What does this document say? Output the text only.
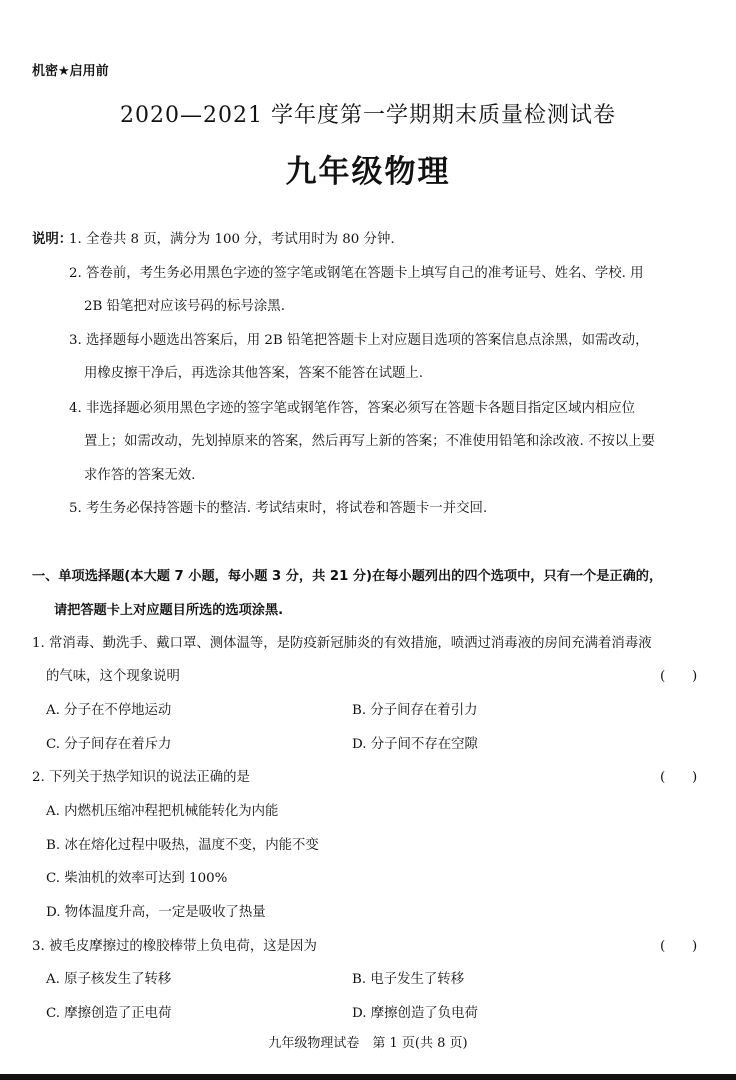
机密★启用前
2020—2021 学年度第一学期期末质量检测试卷
九年级物理
说明：
1. 全卷共 8 页，满分为 100 分，考试用时为 80 分钟.
2. 答卷前，考生务必用黑色字迹的签字笔或钢笔在答题卡上填写自己的准考证号、姓名、学校. 用
2B 铅笔把对应该号码的标号涂黑.
3. 选择题每小题选出答案后，用 2B 铅笔把答题卡上对应题目选项的答案信息点涂黑，如需改动，
用橡皮擦干净后，再选涂其他答案，答案不能答在试题上.
4. 非选择题必须用黑色字迹的签字笔或钢笔作答，答案必须写在答题卡各题目指定区域内相应位
置上；如需改动，先划掉原来的答案，然后再写上新的答案；不准使用铅笔和涂改液. 不按以上要
求作答的答案无效.
5. 考生务必保持答题卡的整洁. 考试结束时，将试卷和答题卡一并交回.
一、单项选择题(本大题 7 小题，每小题 3 分，共 21 分)在每小题列出的四个选项中，只有一个是正确的，
请把答题卡上对应题目所选的选项涂黑.
1. 常消毒、勤洗手、戴口罩、测体温等，是防疫新冠肺炎的有效措施，喷洒过消毒液的房间充满着消毒液
的气味，这个现象说明	(　　)
A. 分子在不停地运动	B. 分子间存在着引力
C. 分子间存在着斥力	D. 分子间不存在空隙
2. 下列关于热学知识的说法正确的是	(　　)
A. 内燃机压缩冲程把机械能转化为内能
B. 冰在熔化过程中吸热，温度不变，内能不变
C. 柴油机的效率可达到 100%
D. 物体温度升高，一定是吸收了热量
3. 被毛皮摩擦过的橡胶棒带上负电荷，这是因为	(　　)
A. 原子核发生了转移	B. 电子发生了转移
C. 摩擦创造了正电荷	D. 摩擦创造了负电荷
九年级物理试卷　第 1 页(共 8 页)
